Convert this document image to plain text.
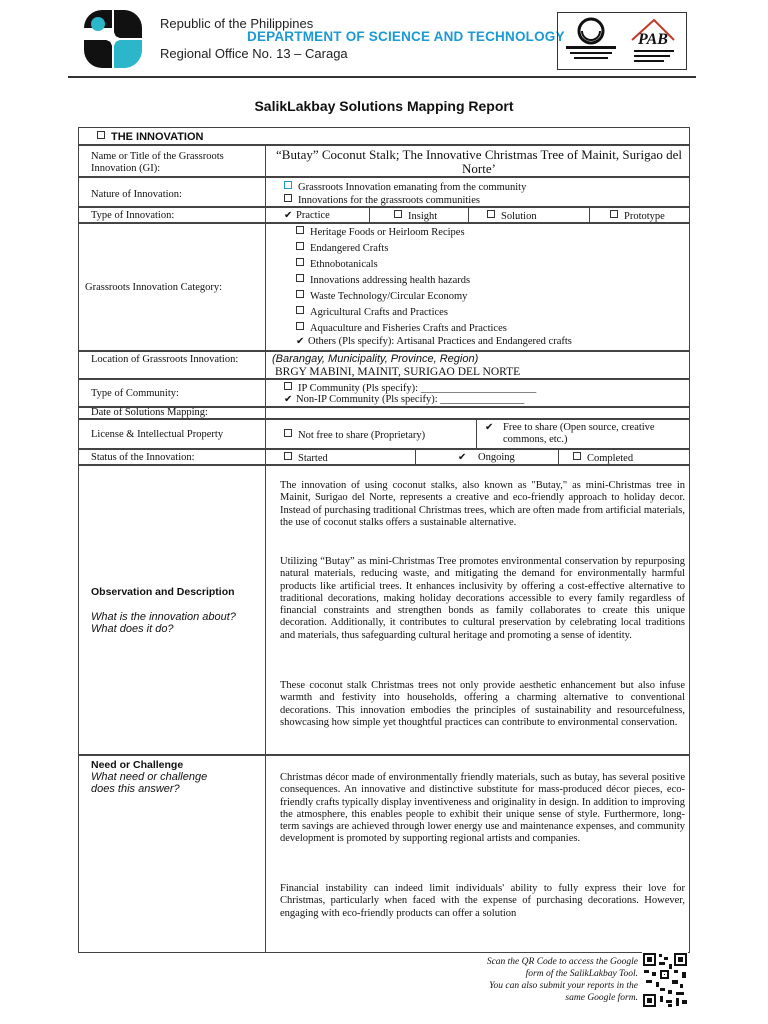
Republic of the Philippines
DEPARTMENT OF SCIENCE AND TECHNOLOGY
Regional Office No. 13 – Caraga
PAB
SalikLakbay Solutions Mapping Report
THE INNOVATION
Name or Title of the Grassroots Innovation (GI):
“Butay” Coconut Stalk; The Innovative Christmas Tree of Mainit, Surigao del Norte’
Nature of Innovation:
Grassroots Innovation emanating from the community
Innovations for the grassroots communities
Type of Innovation:	✔ Practice	Insight	Solution	Prototype
Grassroots Innovation Category:
Heritage Foods or Heirloom Recipes
Endangered Crafts
Ethnobotanicals
Innovations addressing health hazards
Waste Technology/Circular Economy
Agricultural Crafts and Practices
Aquaculture and Fisheries Crafts and Practices
✔ Others (Pls specify): Artisanal Practices and Endangered crafts
Location of Grassroots Innovation:	(Barangay, Municipality, Province, Region)
BRGY MABINI, MAINIT, SURIGAO DEL NORTE
Type of Community:	IP Community (Pls specify): ______________________
✔ Non-IP Community (Pls specify): ________________
Date of Solutions Mapping:
License & Intellectual Property	Not free to share (Proprietary)
✔ Free to share (Open source, creative commons, etc.)
Status of the Innovation:	Started	✔ Ongoing	Completed
Observation and Description
What is the innovation about? What does it do?
The innovation of using coconut stalks, also known as "Butay," as mini-Christmas tree in Mainit, Surigao del Norte, represents a creative and eco-friendly approach to holiday decor. Instead of purchasing traditional Christmas trees, which are often made from artificial materials, the use of coconut stalks offers a sustainable alternative.
Utilizing “Butay” as mini-Christmas Tree promotes environmental conservation by repurposing natural materials, reducing waste, and mitigating the demand for environmentally harmful products like artificial trees. It enhances inclusivity by offering a cost-effective alternative to traditional decorations, making holiday decorations accessible to every family regardless of financial constraints and strengthen bonds as family collaborates to create this unique decoration. Additionally, it contributes to cultural preservation by celebrating local traditions and materials, thus safeguarding cultural heritage and promoting a sense of identity.
These coconut stalk Christmas trees not only provide aesthetic enhancement but also infuse warmth and festivity into households, offering a charming alternative to conventional decorations. This innovation embodies the principles of sustainability and resourcefulness, showcasing how simple yet thoughtful practices can contribute to environmental conservation.
Need or Challenge
What need or challenge does this answer?
Christmas décor made of environmentally friendly materials, such as butay, has several positive consequences. An innovative and distinctive substitute for mass-produced décor pieces, eco-friendly crafts typically display inventiveness and originality in design. In addition to improving the atmosphere, this enables people to exhibit their unique sense of style. Furthermore, long-term savings are achieved through lower energy use and maintenance expenses, and community development is promoted by supporting regional artists and companies.
Financial instability can indeed limit individuals' ability to fully express their love for Christmas, particularly when faced with the expense of purchasing decorations. However, engaging with eco-friendly products can offer a solution
Scan the QR Code to access the Google
form of the SalikLakbay Tool.
You can also submit your reports in the
same Google form.
